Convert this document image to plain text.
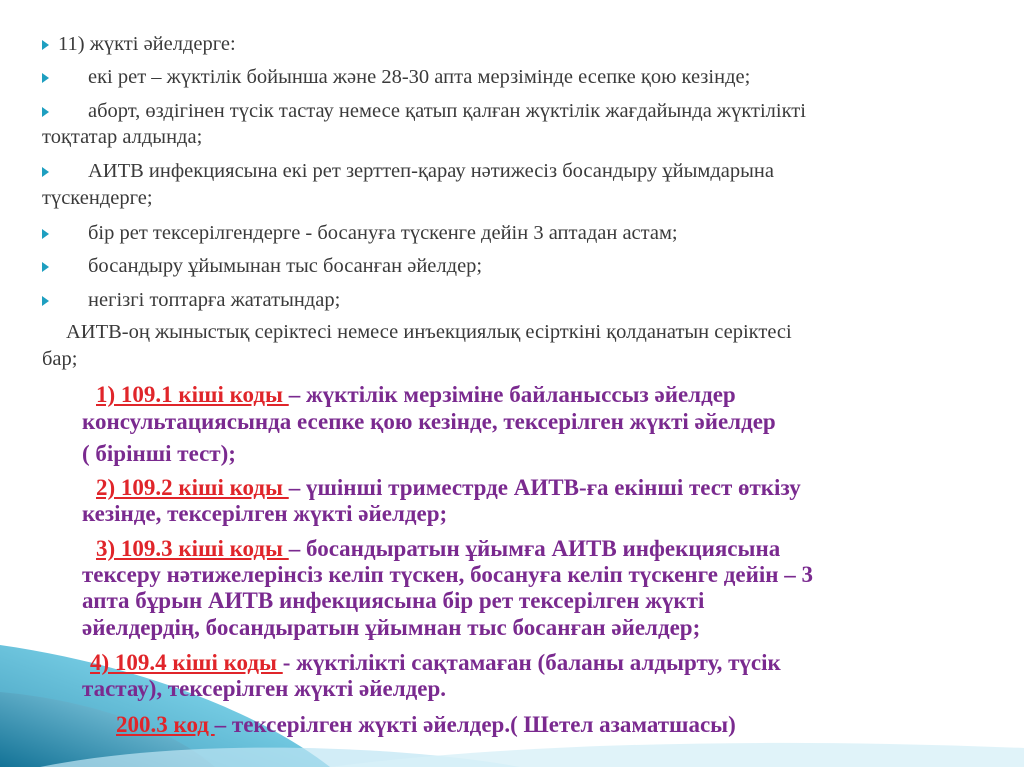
11) жүкті әйелдерге:
екі рет – жүктілік бойынша және 28-30 апта мерзімінде есепке қою кезінде;
аборт, өздігінен түсік тастау немесе қатып қалған жүктілік жағдайында жүктілікті
тоқтатар алдында;
АИТВ инфекциясына екі рет зерттеп-қарау нәтижесіз босандыру ұйымдарына
түскендерге;
бір рет тексерілгендерге - босануға түскенге дейін 3 аптадан астам;
босандыру ұйымынан тыс босанған әйелдер;
негізгі топтарға жататындар;
АИТВ-оң жыныстық серіктесі немесе инъекциялық есірткіні қолданатын серіктесі
бар;
1) 109.1 кіші коды – жүктілік мерзіміне байланыссыз әйелдер
консультациясында есепке қою кезінде, тексерілген жүкті әйелдер
( бірінші тест);
2) 109.2 кіші коды – үшінші триместрде АИТВ-ға екінші тест өткізу
кезінде, тексерілген жүкті әйелдер;
3) 109.3 кіші коды – босандыратын ұйымға АИТВ инфекциясына
тексеру нәтижелерінсіз келіп түскен, босануға келіп түскенге дейін – 3
апта бұрын АИТВ инфекциясына бір рет тексерілген жүкті
әйелдердің, босандыратын ұйымнан тыс босанған әйелдер;
4) 109.4 кіші коды - жүктілікті сақтамаған (баланы алдырту, түсік
тастау), тексерілген жүкті әйелдер.
200.3 код – тексерілген жүкті әйелдер.( Шетел азаматшасы)
